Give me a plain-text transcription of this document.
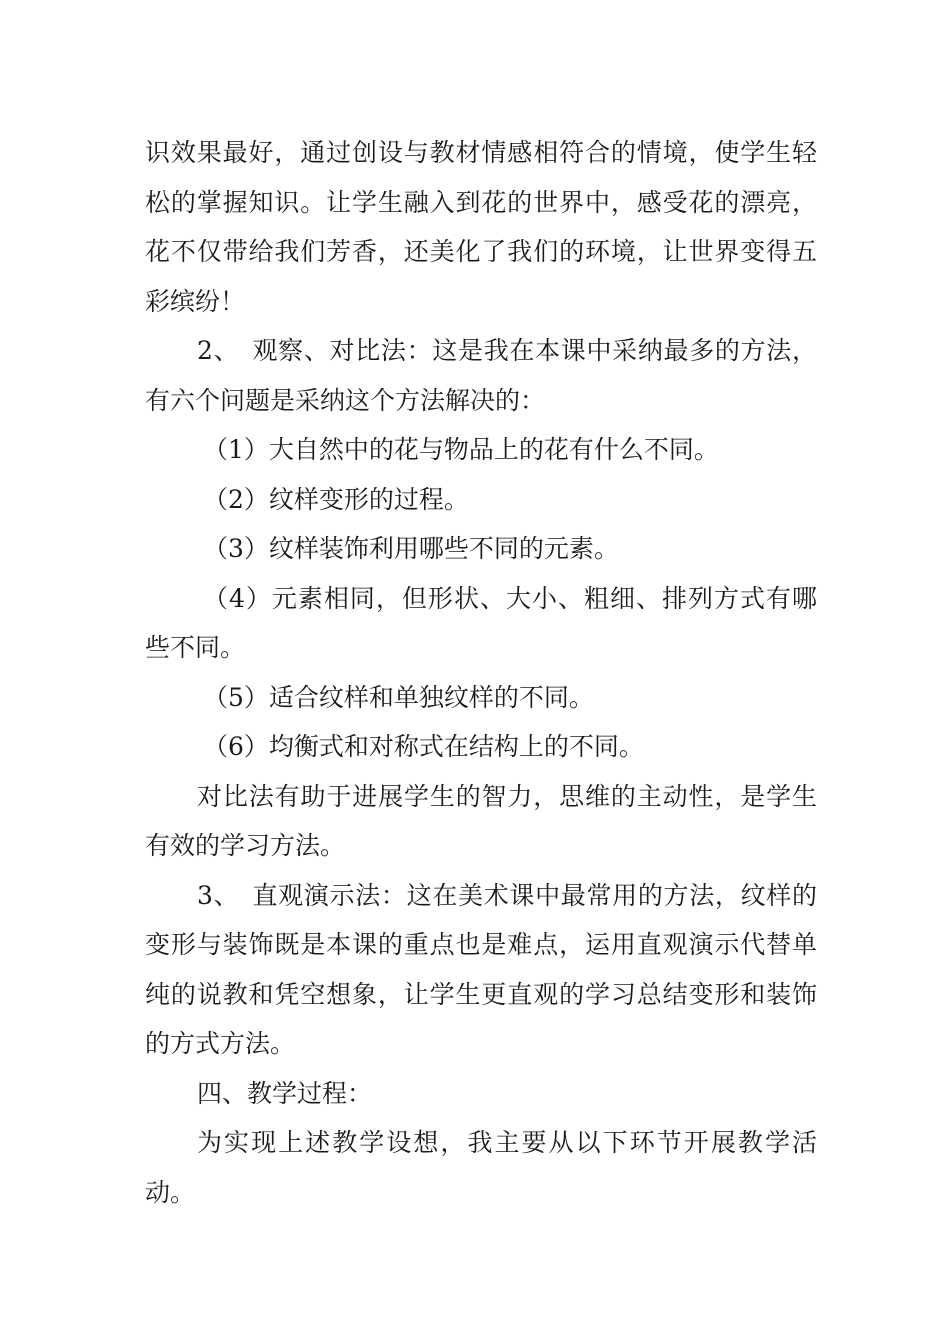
识效果最好，通过创设与教材情感相符合的情境，使学生轻松的掌握知识。让学生融入到花的世界中，感受花的漂亮，花不仅带给我们芳香，还美化了我们的环境，让世界变得五彩缤纷！

2、　观察、对比法：这是我在本课中采纳最多的方法，有六个问题是采纳这个方法解决的：

（1）大自然中的花与物品上的花有什么不同。

（2）纹样变形的过程。

（3）纹样装饰利用哪些不同的元素。

（4）元素相同，但形状、大小、粗细、排列方式有哪些不同。

（5）适合纹样和单独纹样的不同。

（6）均衡式和对称式在结构上的不同。

对比法有助于进展学生的智力，思维的主动性，是学生有效的学习方法。

3、　直观演示法：这在美术课中最常用的方法，纹样的变形与装饰既是本课的重点也是难点，运用直观演示代替单纯的说教和凭空想象，让学生更直观的学习总结变形和装饰的方式方法。

四、教学过程：

为实现上述教学设想，我主要从以下环节开展教学活动。
